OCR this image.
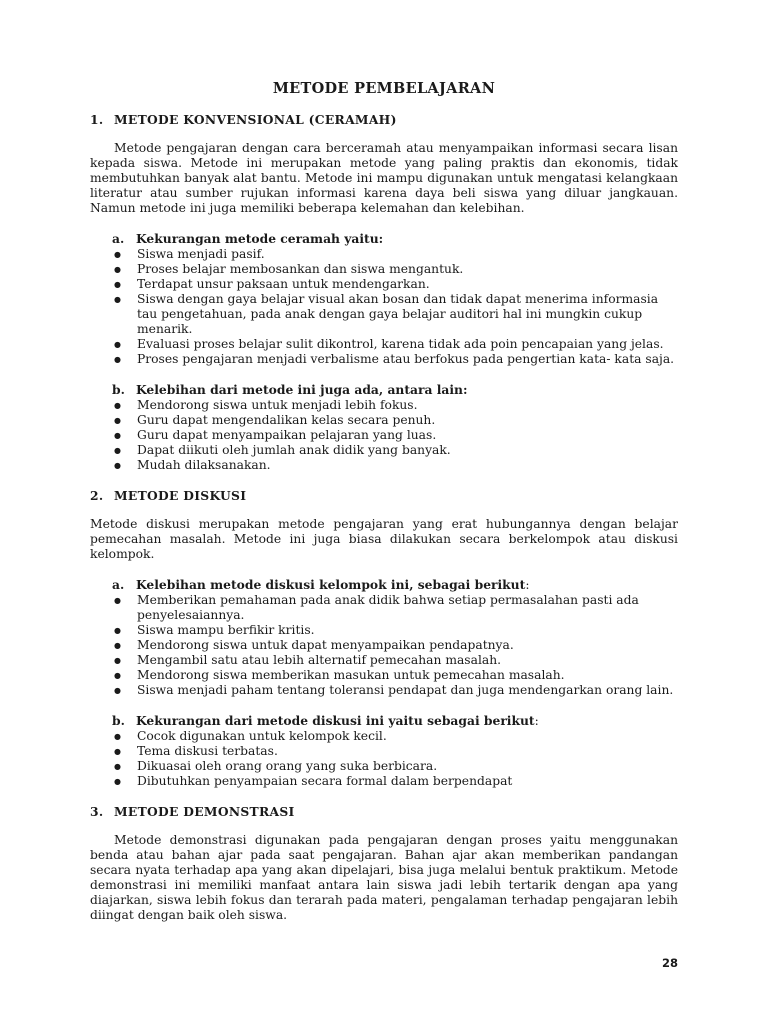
METODE PEMBELAJARAN
1. METODE KONVENSIONAL (CERAMAH)

Metode pengajaran dengan cara berceramah atau menyampaikan informasi secara lisan kepada siswa. Metode ini merupakan metode yang paling praktis dan ekonomis, tidak membutuhkan banyak alat bantu. Metode ini mampu digunakan untuk mengatasi kelangkaan literatur atau sumber rujukan informasi karena daya beli siswa yang diluar jangkauan. Namun metode ini juga memiliki beberapa kelemahan dan kelebihan.

a. Kekurangan metode ceramah yaitu:
●	Siswa menjadi pasif.
●	Proses belajar membosankan dan siswa mengantuk.
●	Terdapat unsur paksaan untuk mendengarkan.
●	Siswa dengan gaya belajar visual akan bosan dan tidak dapat menerima informasia tau pengetahuan, pada anak dengan gaya belajar auditori hal ini mungkin cukup menarik.
●	Evaluasi proses belajar sulit dikontrol, karena tidak ada poin pencapaian yang jelas.
●	Proses pengajaran menjadi verbalisme atau berfokus pada pengertian kata- kata saja.
b. Kelebihan dari metode ini juga ada, antara lain:
●	Mendorong siswa untuk menjadi lebih fokus.
●	Guru dapat mengendalikan kelas secara penuh.
●	Guru dapat menyampaikan pelajaran yang luas.
●	Dapat diikuti oleh jumlah anak didik yang banyak.
●	Mudah dilaksanakan.
2. METODE DISKUSI

Metode diskusi merupakan metode pengajaran yang erat hubungannya dengan belajar pemecahan masalah. Metode ini juga biasa dilakukan secara berkelompok atau diskusi kelompok.

a. Kelebihan metode diskusi kelompok ini, sebagai berikut:
●	Memberikan pemahaman pada anak didik bahwa setiap permasalahan pasti ada penyelesaiannya.
●	Siswa mampu berfikir kritis.
●	Mendorong siswa untuk dapat menyampaikan pendapatnya.
●	Mengambil satu atau lebih alternatif pemecahan masalah.
●	Mendorong siswa memberikan masukan untuk pemecahan masalah.
●	Siswa menjadi paham tentang toleransi pendapat dan juga mendengarkan orang lain.
b. Kekurangan dari metode diskusi ini yaitu sebagai berikut:
●	Cocok digunakan untuk kelompok kecil.
●	Tema diskusi terbatas.
●	Dikuasai oleh orang orang yang suka berbicara.
●	Dibutuhkan penyampaian secara formal dalam berpendapat
3. METODE DEMONSTRASI

Metode demonstrasi digunakan pada pengajaran dengan proses yaitu menggunakan benda atau bahan ajar pada saat pengajaran. Bahan ajar akan memberikan pandangan secara nyata terhadap apa yang akan dipelajari, bisa juga melalui bentuk praktikum. Metode demonstrasi ini memiliki manfaat antara lain siswa jadi lebih tertarik dengan apa yang diajarkan, siswa lebih fokus dan terarah pada materi, pengalaman terhadap pengajaran lebih diingat dengan baik oleh siswa.

28
